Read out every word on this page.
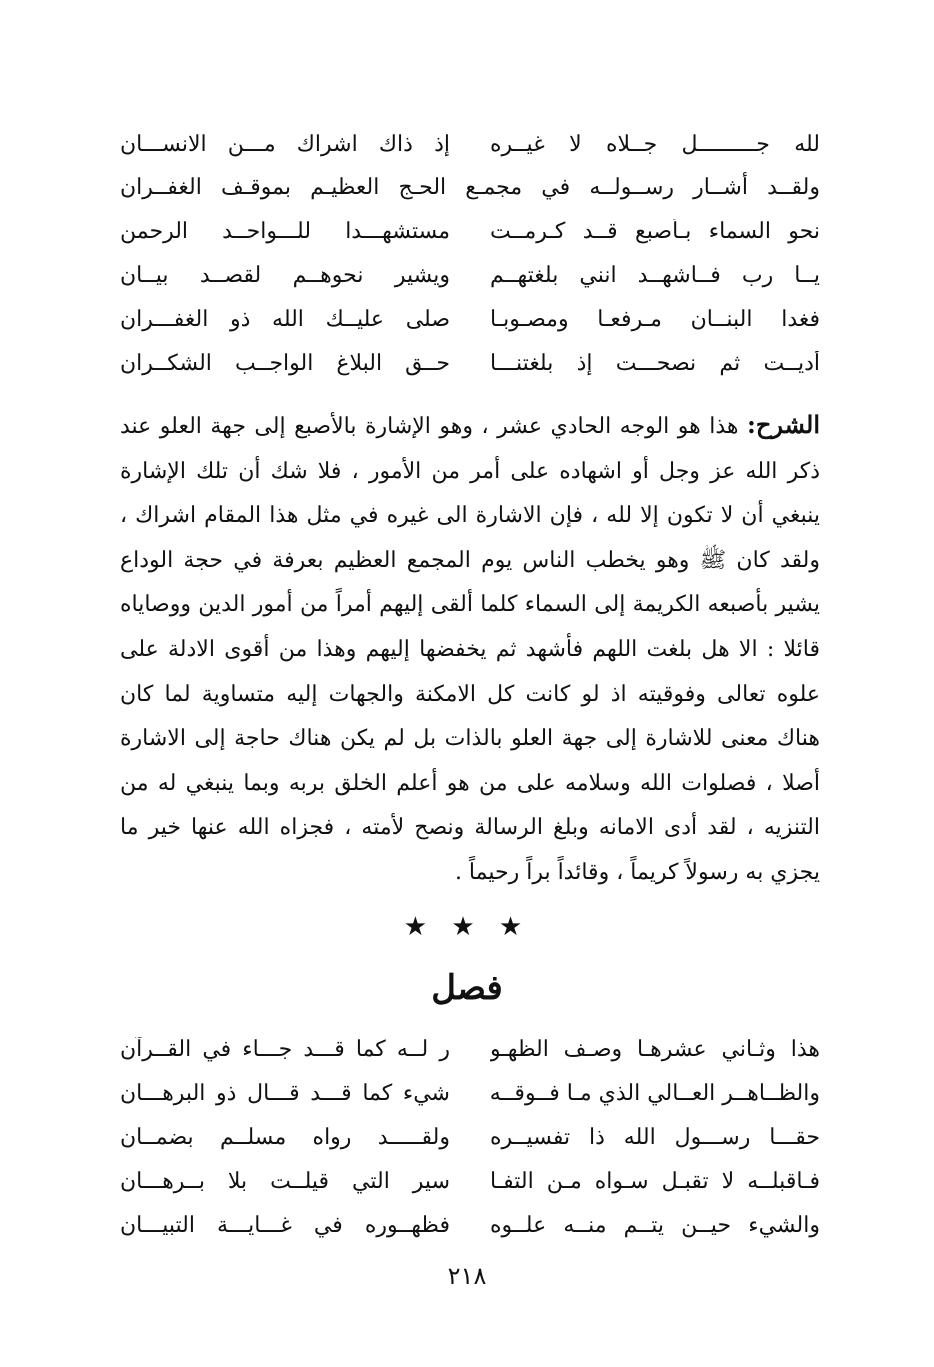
لله جـــــــــل جــلاه لا غيــره
إذ ذاك اشراك مـــن الانســـان
ولقــد أشــار رســولــه في مجمـع الحـج العظيـم بموقـف الغفــران
نحو السماء بـأصبع قــد كـرمــت
مستشهـــدا للـــواحــد الرحمن
يــا رب فــاشهــد انني بلغتهــم
ويشير نحوهــم لقصــد بيــان
فغدا البنــان مـرفعـا ومصـوبـا
صلى عليــك الله ذو الغفـــران
أديــت ثم نصحـــت إذ بلغتنـــا
حــق البلاغ الواجــب الشكــران
الشرح: هذا هو الوجه الحادي عشر ، وهو الإشارة بالأصبع إلى جهة العلو عند ذكر الله عز وجل أو اشهاده على أمر من الأمور ، فلا شك أن تلك الإشارة ينبغي أن لا تكون إلا لله ، فإن الاشارة الى غيره في مثل هذا المقام اشراك ، ولقد كان ﷺ وهو يخطب الناس يوم المجمع العظيم بعرفة في حجة الوداع يشير بأصبعه الكريمة إلى السماء كلما ألقى إليهم أمراً من أمور الدين ووصاياه قائلا : الا هل بلغت اللهم فأشهد ثم يخفضها إليهم وهذا من أقوى الادلة على علوه تعالى وفوقيته اذ لو كانت كل الامكنة والجهات إليه متساوية لما كان هناك معنى للاشارة إلى جهة العلو بالذات بل لم يكن هناك حاجة إلى الاشارة أصلا ، فصلوات الله وسلامه على من هو أعلم الخلق بربه وبما ينبغي له من التنزيه ، لقد أدى الامانه وبلغ الرسالة ونصح لأمته ، فجزاه الله عنها خير ما يجزي به رسولاً كريماً ، وقائداً براً رحيماً .
★ ★ ★
فصل
هذا وثـاني عشرهـا وصـف الظهـو
ر لــه كما قـــد جـــاء في القــرآن
والظــاهــر العــالي الذي مـا فــوقــه
شيء كما قـــد قـــال ذو البرهـــان
حقـــا رســـول الله ذا تفسيــره
ولقـــــد رواه مسلــم بضمــان
فـاقبلــه لا تقبـل سـواه مـن التفـا
سير التي قيلــت بلا بــرهـــان
والشيء حيــن يتــم منــه علــوه
فظهــوره في غـــايـــة التبيـــان
٢١٨
